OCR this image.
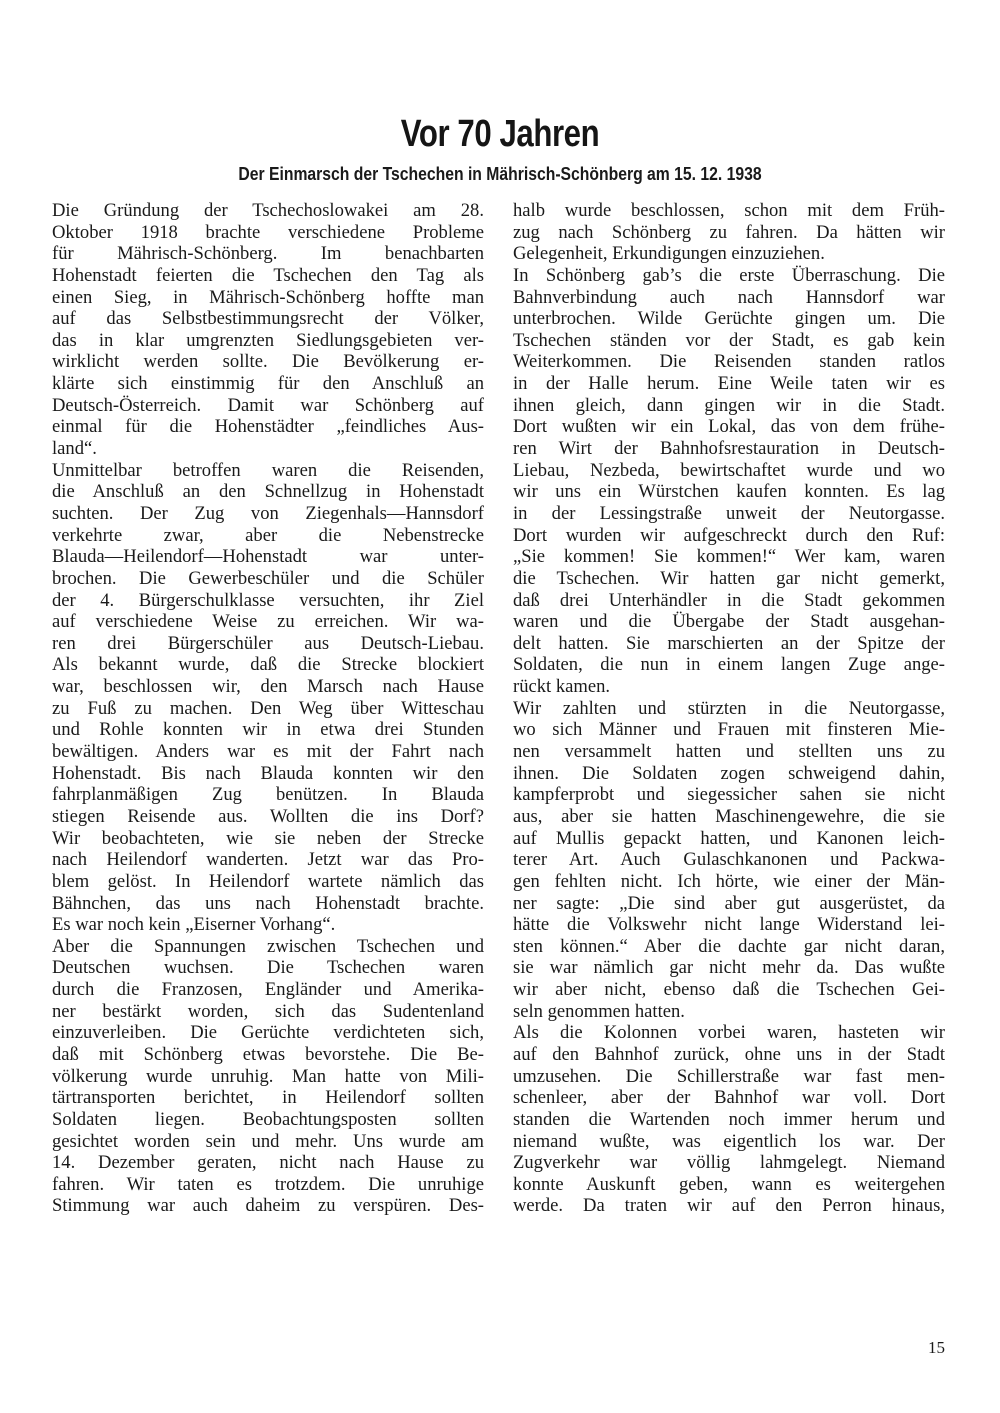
Vor 70 Jahren
Der Einmarsch der Tschechen in Mährisch-Schönberg am 15. 12. 1938
Die Gründung der Tschechoslowakei am 28.
Oktober 1918 brachte verschiedene Probleme
für Mährisch-Schönberg. Im benachbarten
Hohenstadt feierten die Tschechen den Tag als
einen Sieg, in Mährisch-Schönberg hoffte man
auf das Selbstbestimmungsrecht der Völker,
das in klar umgrenzten Siedlungsgebieten ver-
wirklicht werden sollte. Die Bevölkerung er-
klärte sich einstimmig für den Anschluß an
Deutsch-Österreich. Damit war Schönberg auf
einmal für die Hohenstädter „feindliches Aus-
land“.
Unmittelbar betroffen waren die Reisenden,
die Anschluß an den Schnellzug in Hohenstadt
suchten. Der Zug von Ziegenhals—Hannsdorf
verkehrte zwar, aber die Nebenstrecke
Blauda—Heilendorf—Hohenstadt war unter-
brochen. Die Gewerbeschüler und die Schüler
der 4. Bürgerschulklasse versuchten, ihr Ziel
auf verschiedene Weise zu erreichen. Wir wa-
ren drei Bürgerschüler aus Deutsch-Liebau.
Als bekannt wurde, daß die Strecke blockiert
war, beschlossen wir, den Marsch nach Hause
zu Fuß zu machen. Den Weg über Witteschau
und Rohle konnten wir in etwa drei Stunden
bewältigen. Anders war es mit der Fahrt nach
Hohenstadt. Bis nach Blauda konnten wir den
fahrplanmäßigen Zug benützen. In Blauda
stiegen Reisende aus. Wollten die ins Dorf?
Wir beobachteten, wie sie neben der Strecke
nach Heilendorf wanderten. Jetzt war das Pro-
blem gelöst. In Heilendorf wartete nämlich das
Bähnchen, das uns nach Hohenstadt brachte.
Es war noch kein „Eiserner Vorhang“.
Aber die Spannungen zwischen Tschechen und
Deutschen wuchsen. Die Tschechen waren
durch die Franzosen, Engländer und Amerika-
ner bestärkt worden, sich das Sudentenland
einzuverleiben. Die Gerüchte verdichteten sich,
daß mit Schönberg etwas bevorstehe. Die Be-
völkerung wurde unruhig. Man hatte von Mili-
tärtransporten berichtet, in Heilendorf sollten
Soldaten liegen. Beobachtungsposten sollten
gesichtet worden sein und mehr. Uns wurde am
14. Dezember geraten, nicht nach Hause zu
fahren. Wir taten es trotzdem. Die unruhige
Stimmung war auch daheim zu verspüren. Des-
halb wurde beschlossen, schon mit dem Früh-
zug nach Schönberg zu fahren. Da hätten wir
Gelegenheit, Erkundigungen einzuziehen.
In Schönberg gab’s die erste Überraschung. Die
Bahnverbindung auch nach Hannsdorf war
unterbrochen. Wilde Gerüchte gingen um. Die
Tschechen ständen vor der Stadt, es gab kein
Weiterkommen. Die Reisenden standen ratlos
in der Halle herum. Eine Weile taten wir es
ihnen gleich, dann gingen wir in die Stadt.
Dort wußten wir ein Lokal, das von dem frühe-
ren Wirt der Bahnhofsrestauration in Deutsch-
Liebau, Nezbeda, bewirtschaftet wurde und wo
wir uns ein Würstchen kaufen konnten. Es lag
in der Lessingstraße unweit der Neutorgasse.
Dort wurden wir aufgeschreckt durch den Ruf:
„Sie kommen! Sie kommen!“ Wer kam, waren
die Tschechen. Wir hatten gar nicht gemerkt,
daß drei Unterhändler in die Stadt gekommen
waren und die Übergabe der Stadt ausgehan-
delt hatten. Sie marschierten an der Spitze der
Soldaten, die nun in einem langen Zuge ange-
rückt kamen.
Wir zahlten und stürzten in die Neutorgasse,
wo sich Männer und Frauen mit finsteren Mie-
nen versammelt hatten und stellten uns zu
ihnen. Die Soldaten zogen schweigend dahin,
kampferprobt und siegessicher sahen sie nicht
aus, aber sie hatten Maschinengewehre, die sie
auf Mullis gepackt hatten, und Kanonen leich-
terer Art. Auch Gulaschkanonen und Packwa-
gen fehlten nicht. Ich hörte, wie einer der Män-
ner sagte: „Die sind aber gut ausgerüstet, da
hätte die Volkswehr nicht lange Widerstand lei-
sten können.“ Aber die dachte gar nicht daran,
sie war nämlich gar nicht mehr da. Das wußte
wir aber nicht, ebenso daß die Tschechen Gei-
seln genommen hatten.
Als die Kolonnen vorbei waren, hasteten wir
auf den Bahnhof zurück, ohne uns in der Stadt
umzusehen. Die Schillerstraße war fast men-
schenleer, aber der Bahnhof war voll. Dort
standen die Wartenden noch immer herum und
niemand wußte, was eigentlich los war. Der
Zugverkehr war völlig lahmgelegt. Niemand
konnte Auskunft geben, wann es weitergehen
werde. Da traten wir auf den Perron hinaus,
15
